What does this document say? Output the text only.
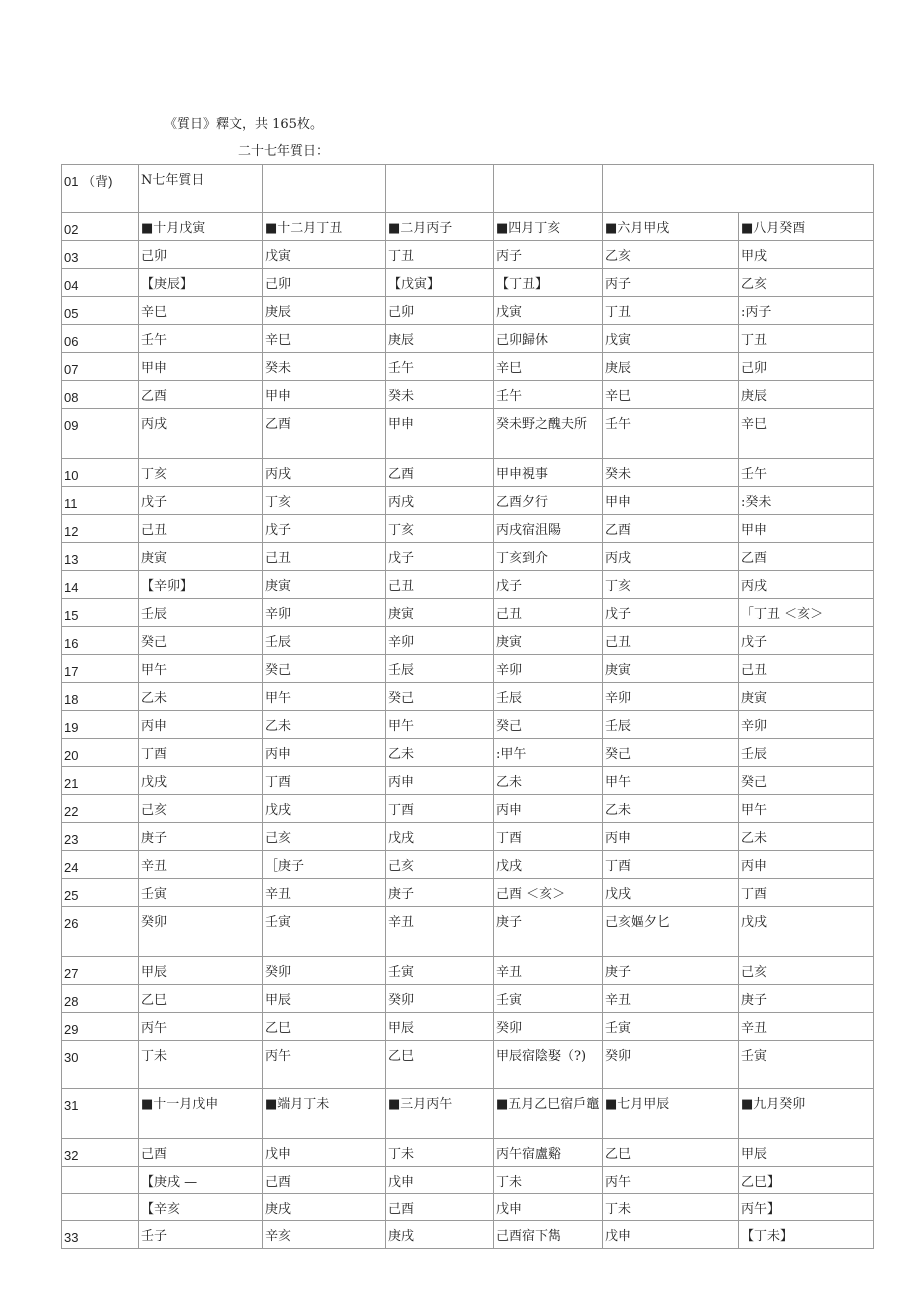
《質日》釋文，共 165枚。
二十七年質日：
01 （背)	N七年質日					
02	■十月戊寅	■十二月丁丑	■二月丙子	■四月丁亥	■六月甲戌	■八月癸酉
03	己卯	戊寅	丁丑	丙子	乙亥	甲戌
04	【庚辰】	己卯	【戊寅】	【丁丑】	丙子	乙亥
05	辛巳	庚辰	己卯	戊寅	丁丑	:丙子
06	壬午	辛巳	庚辰	己卯歸休	戊寅	丁丑
07	甲申	癸未	壬午	辛巳	庚辰	己卯
08	乙酉	甲申	癸未	壬午	辛巳	庚辰
09	丙戌	乙酉	甲申	癸未野之醜夫所	壬午	辛巳
10	丁亥	丙戌	乙酉	甲申視事	癸未	壬午
11	戊子	丁亥	丙戌	乙酉夕行	甲申	:癸未
12	己丑	戊子	丁亥	丙戌宿沮陽	乙酉	甲申
13	庚寅	己丑	戊子	丁亥到介	丙戌	乙酉
14	【辛卯】	庚寅	己丑	戊子	丁亥	丙戌
15	壬辰	辛卯	庚寅	己丑	戊子	「丁丑 ＜亥＞
16	癸己	壬辰	辛卯	庚寅	己丑	戊子
17	甲午	癸己	壬辰	辛卯	庚寅	己丑
18	乙未	甲午	癸己	壬辰	辛卯	庚寅
19	丙申	乙未	甲午	癸己	壬辰	辛卯
20	丁酉	丙申	乙未	:甲午	癸己	壬辰
21	戊戌	丁酉	丙申	乙未	甲午	癸己
22	己亥	戊戌	丁酉	丙申	乙未	甲午
23	庚子	己亥	戊戌	丁酉	丙申	乙未
24	辛丑	［庚子	己亥	戊戌	丁酉	丙申
25	壬寅	辛丑	庚子	己酉 ＜亥＞	戊戌	丁酉
26	癸卯	壬寅	辛丑	庚子	己亥嫗夕匕	戊戌
27	甲辰	癸卯	壬寅	辛丑	庚子	己亥
28	乙巳	甲辰	癸卯	壬寅	辛丑	庚子
29	丙午	乙巳	甲辰	癸卯	壬寅	辛丑
30	丁未	丙午	乙巳	甲辰宿陰娶（?)	癸卯	壬寅
31	■十一月戊申	■端月丁未	■三月丙午	■五月乙巳宿戶竈	■七月甲辰	■九月癸卯
32	己酉	戊申	丁未	丙午宿盧谿	乙巳	甲辰
	【庚戌 —	己酉	戊申	丁未	丙午	乙巳】
	【辛亥	庚戌	己酉	戊申	丁未	丙午】
33	壬子	辛亥	庚戌	己酉宿下雋	戊申	【丁未】
